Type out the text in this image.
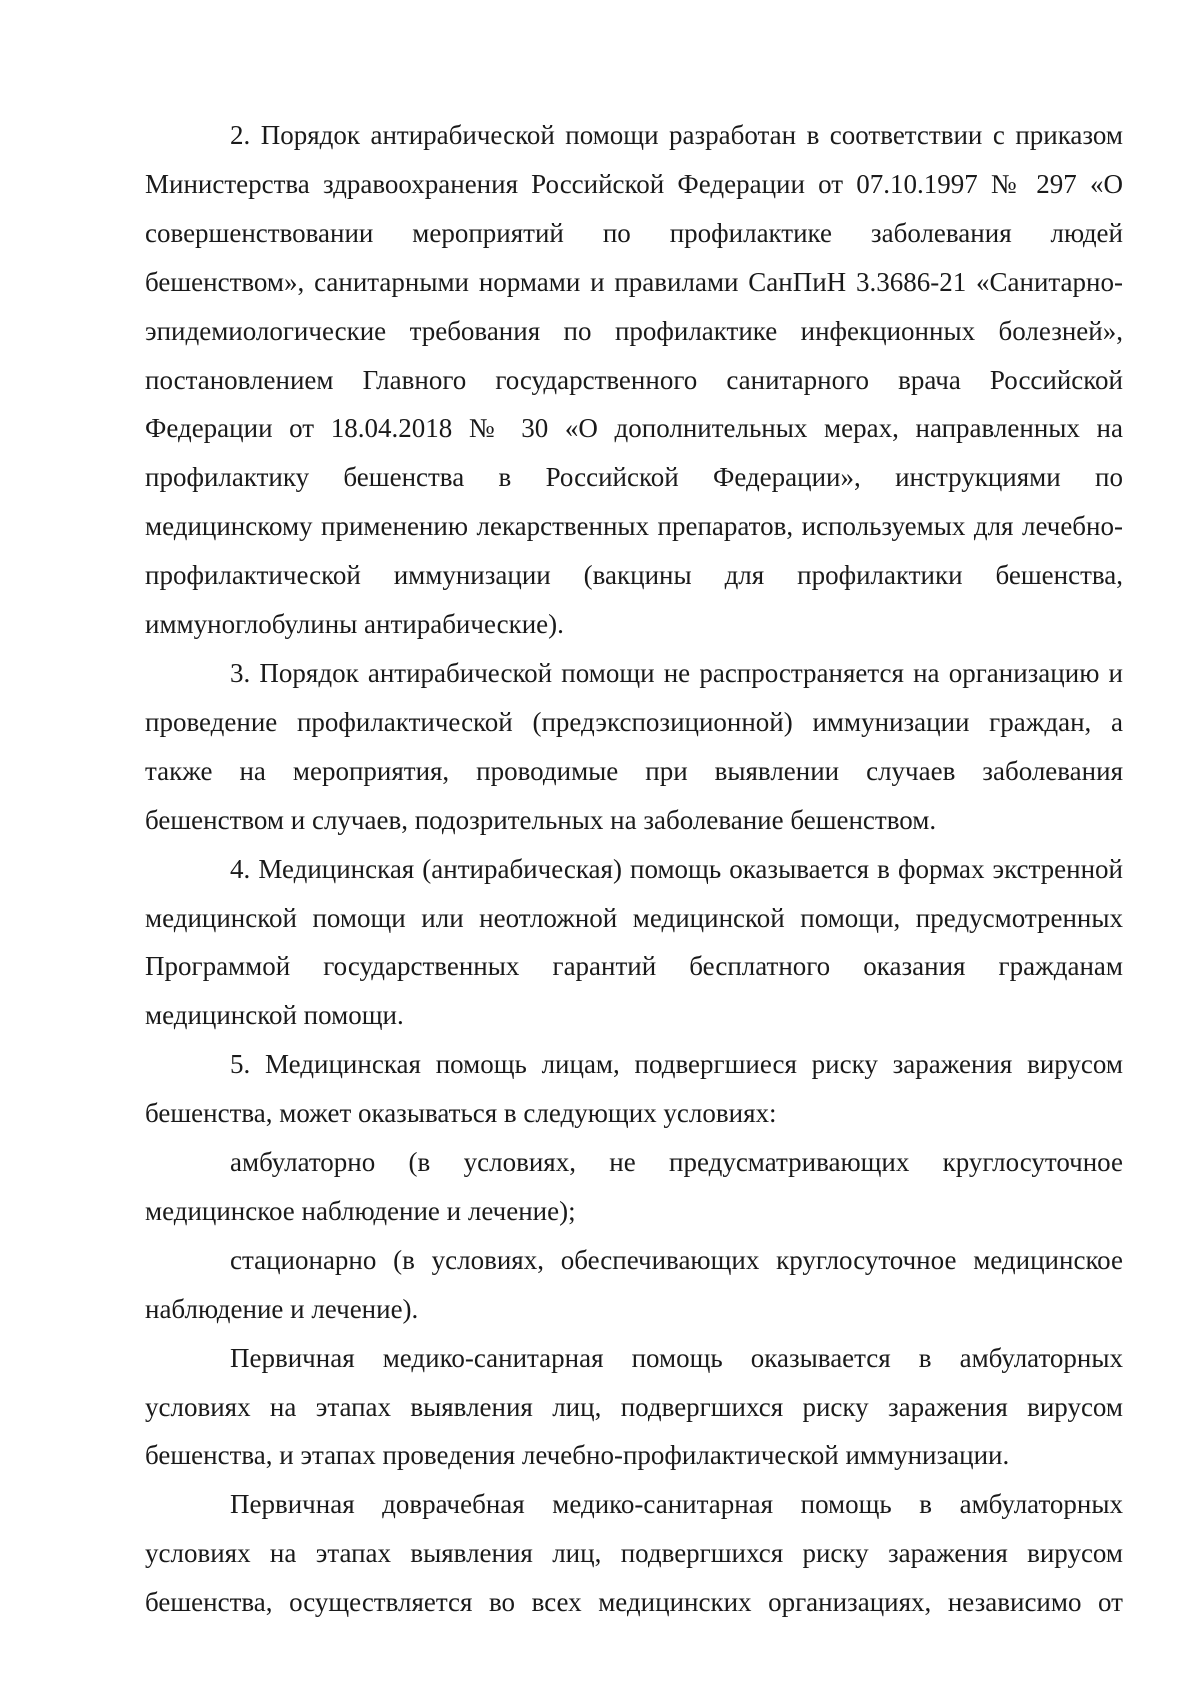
2. Порядок антирабической помощи разработан в соответствии с приказом Министерства здравоохранения Российской Федерации от 07.10.1997 № 297 «О совершенствовании мероприятий по профилактике заболевания людей бешенством», санитарными нормами и правилами СанПиН 3.3686-21 «Санитарно-эпидемиологические требования по профилактике инфекционных болезней», постановлением Главного государственного санитарного врача Российской Федерации от 18.04.2018 № 30 «О дополнительных мерах, направленных на профилактику бешенства в Российской Федерации», инструкциями по медицинскому применению лекарственных препаратов, используемых для лечебно-профилактической иммунизации (вакцины для профилактики бешенства, иммуноглобулины антирабические).

3. Порядок антирабической помощи не распространяется на организацию и проведение профилактической (предэкспозиционной) иммунизации граждан, а также на мероприятия, проводимые при выявлении случаев заболевания бешенством и случаев, подозрительных на заболевание бешенством.

4. Медицинская (антирабическая) помощь оказывается в формах экстренной медицинской помощи или неотложной медицинской помощи, предусмотренных Программой государственных гарантий бесплатного оказания гражданам медицинской помощи.

5. Медицинская помощь лицам, подвергшиеся риску заражения вирусом бешенства, может оказываться в следующих условиях:

амбулаторно (в условиях, не предусматривающих круглосуточное медицинское наблюдение и лечение);

стационарно (в условиях, обеспечивающих круглосуточное медицинское наблюдение и лечение).

Первичная медико-санитарная помощь оказывается в амбулаторных условиях на этапах выявления лиц, подвергшихся риску заражения вирусом бешенства, и этапах проведения лечебно-профилактической иммунизации.

Первичная доврачебная медико-санитарная помощь в амбулаторных условиях на этапах выявления лиц, подвергшихся риску заражения вирусом бешенства, осуществляется во всех медицинских организациях, независимо от
